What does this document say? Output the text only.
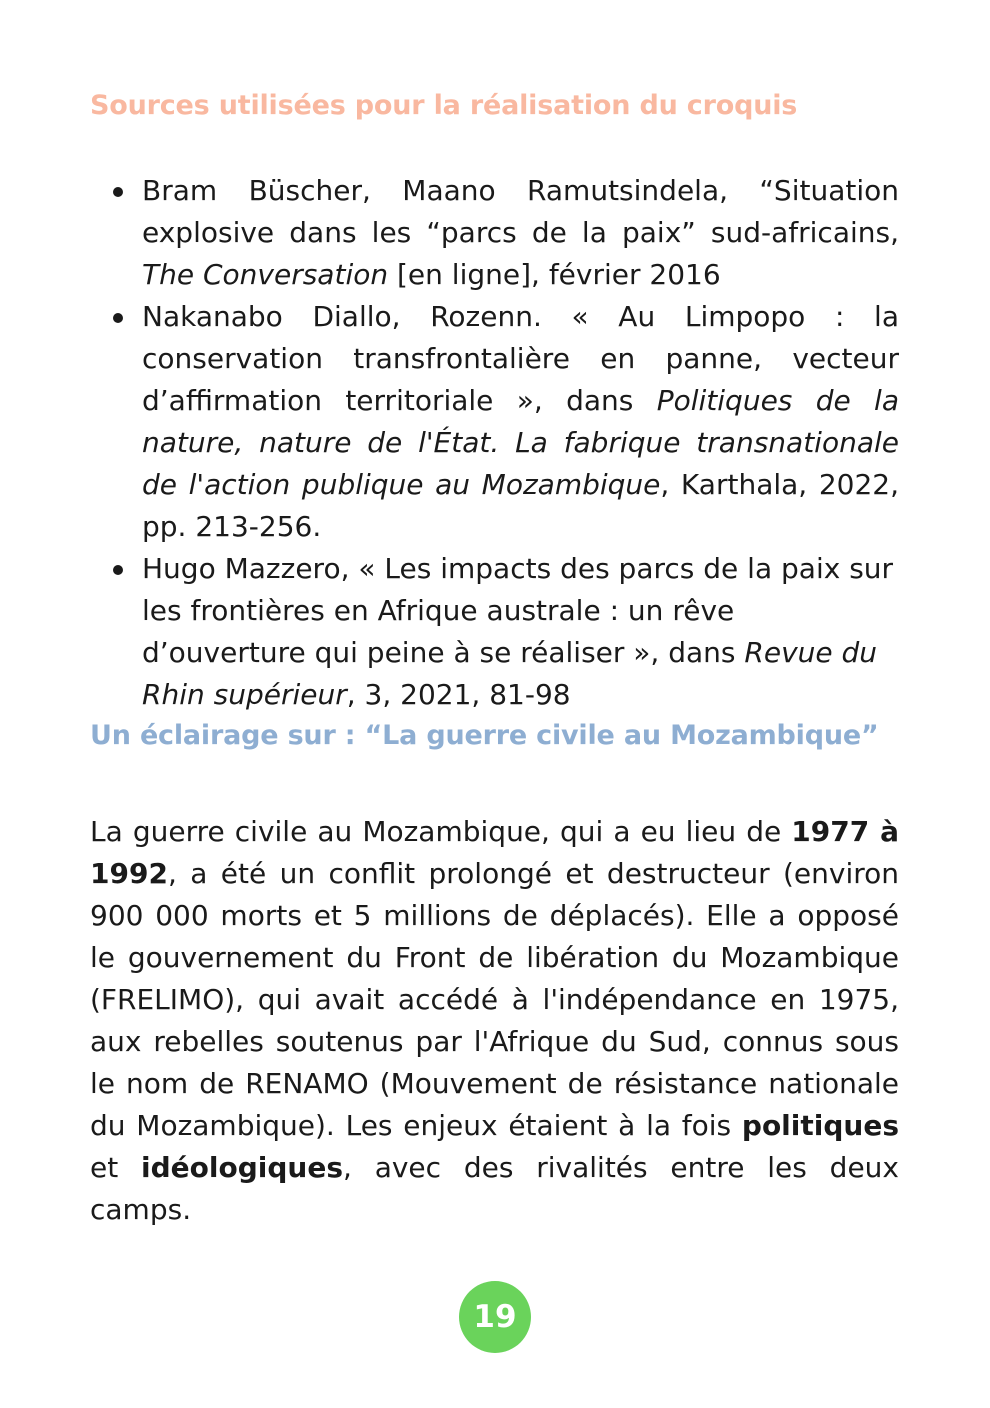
Sources utilisées pour la réalisation du croquis
Bram Büscher, Maano Ramutsindela, “Situation explosive dans les “parcs de la paix” sud-africains, The Conversation [en ligne], février 2016
Nakanabo Diallo, Rozenn. « Au Limpopo : la conservation transfrontalière en panne, vecteur d’affirmation territoriale », dans Politiques de la nature, nature de l'État. La fabrique transnationale de l'action publique au Mozambique, Karthala, 2022, pp. 213-256.
Hugo Mazzero, « Les impacts des parcs de la paix sur les frontières en Afrique australe : un rêve d’ouverture qui peine à se réaliser », dans Revue du Rhin supérieur, 3, 2021, 81-98
Un éclairage sur : “La guerre civile au Mozambique”

La guerre civile au Mozambique, qui a eu lieu de 1977 à 1992, a été un conflit prolongé et destructeur (environ 900 000 morts et 5 millions de déplacés). Elle a opposé le gouvernement du Front de libération du Mozambique (FRELIMO), qui avait accédé à l'indépendance en 1975, aux rebelles soutenus par l'Afrique du Sud, connus sous le nom de RENAMO (Mouvement de résistance nationale du Mozambique). Les enjeux étaient à la fois politiques et idéologiques, avec des rivalités entre les deux camps.

19
